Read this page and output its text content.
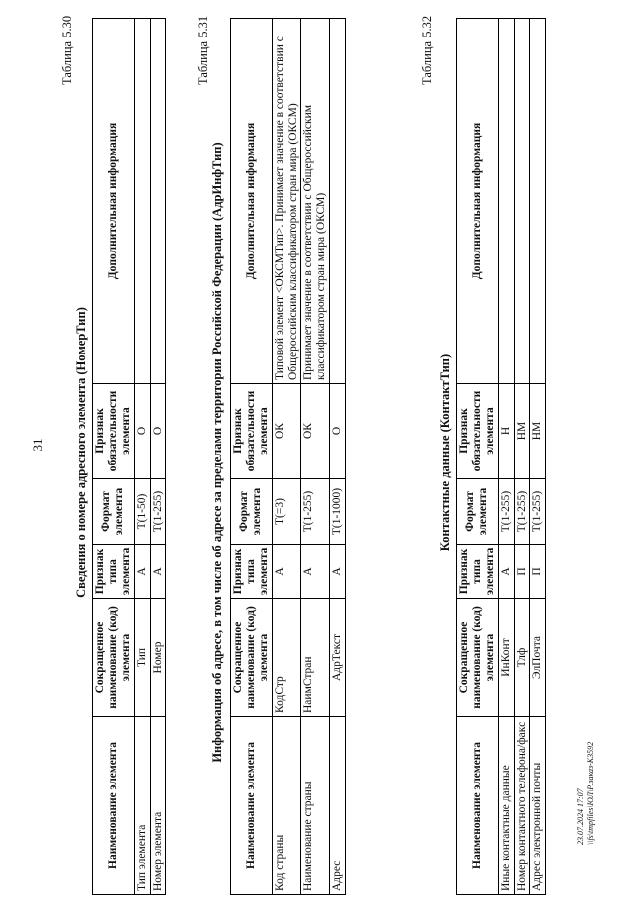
31
Таблица 5.30
Сведения о номере адресного элемента (НомерТип)
Наименование элемента	Сокращенное наименование (код) элемента	Признак типа элемента	Формат элемента	Признак обязательности элемента	Дополнительная информация
Тип элемента	Тип	А	Т(1-50)	О	
Номер элемента	Номер	А	Т(1-255)	О	
Таблица 5.31
Информация об адресе, в том числе об адресе за пределами территории Российской Федерации (АдрИнфТип)
Наименование элемента	Сокращенное наименование (код) элемента	Признак типа элемента	Формат элемента	Признак обязательности элемента	Дополнительная информация
Код страны	КодСтр	А	Т(=3)	ОК	Типовой элемент <ОКСМТип>. Принимает значение в соответствии с Общероссийским классификатором стран мира (ОКСМ)
Наименование страны	НаимСтран	А	Т(1-255)	ОК	Принимает значение в соответствии с Общероссийским классификатором стран мира (ОКСМ)
Адрес	АдрТекст	А	Т(1-1000)	О	
Таблица 5.32
Контактные данные (КонтактТип)
Наименование элемента	Сокращенное наименование (код) элемента	Признак типа элемента	Формат элемента	Признак обязательности элемента	Дополнительная информация
Иные контактные данные	ИнКонт	А	Т(1-255)	Н	
Номер контактного телефона/факс	Тлф	П	Т(1-255)	НМ	
Адрес электронной почты	ЭлПочта	П	Т(1-255)	НМ	
23.07.2024 17:07 \\fs\tmpfiles\ЮЛ\Р.заказ-К3592
